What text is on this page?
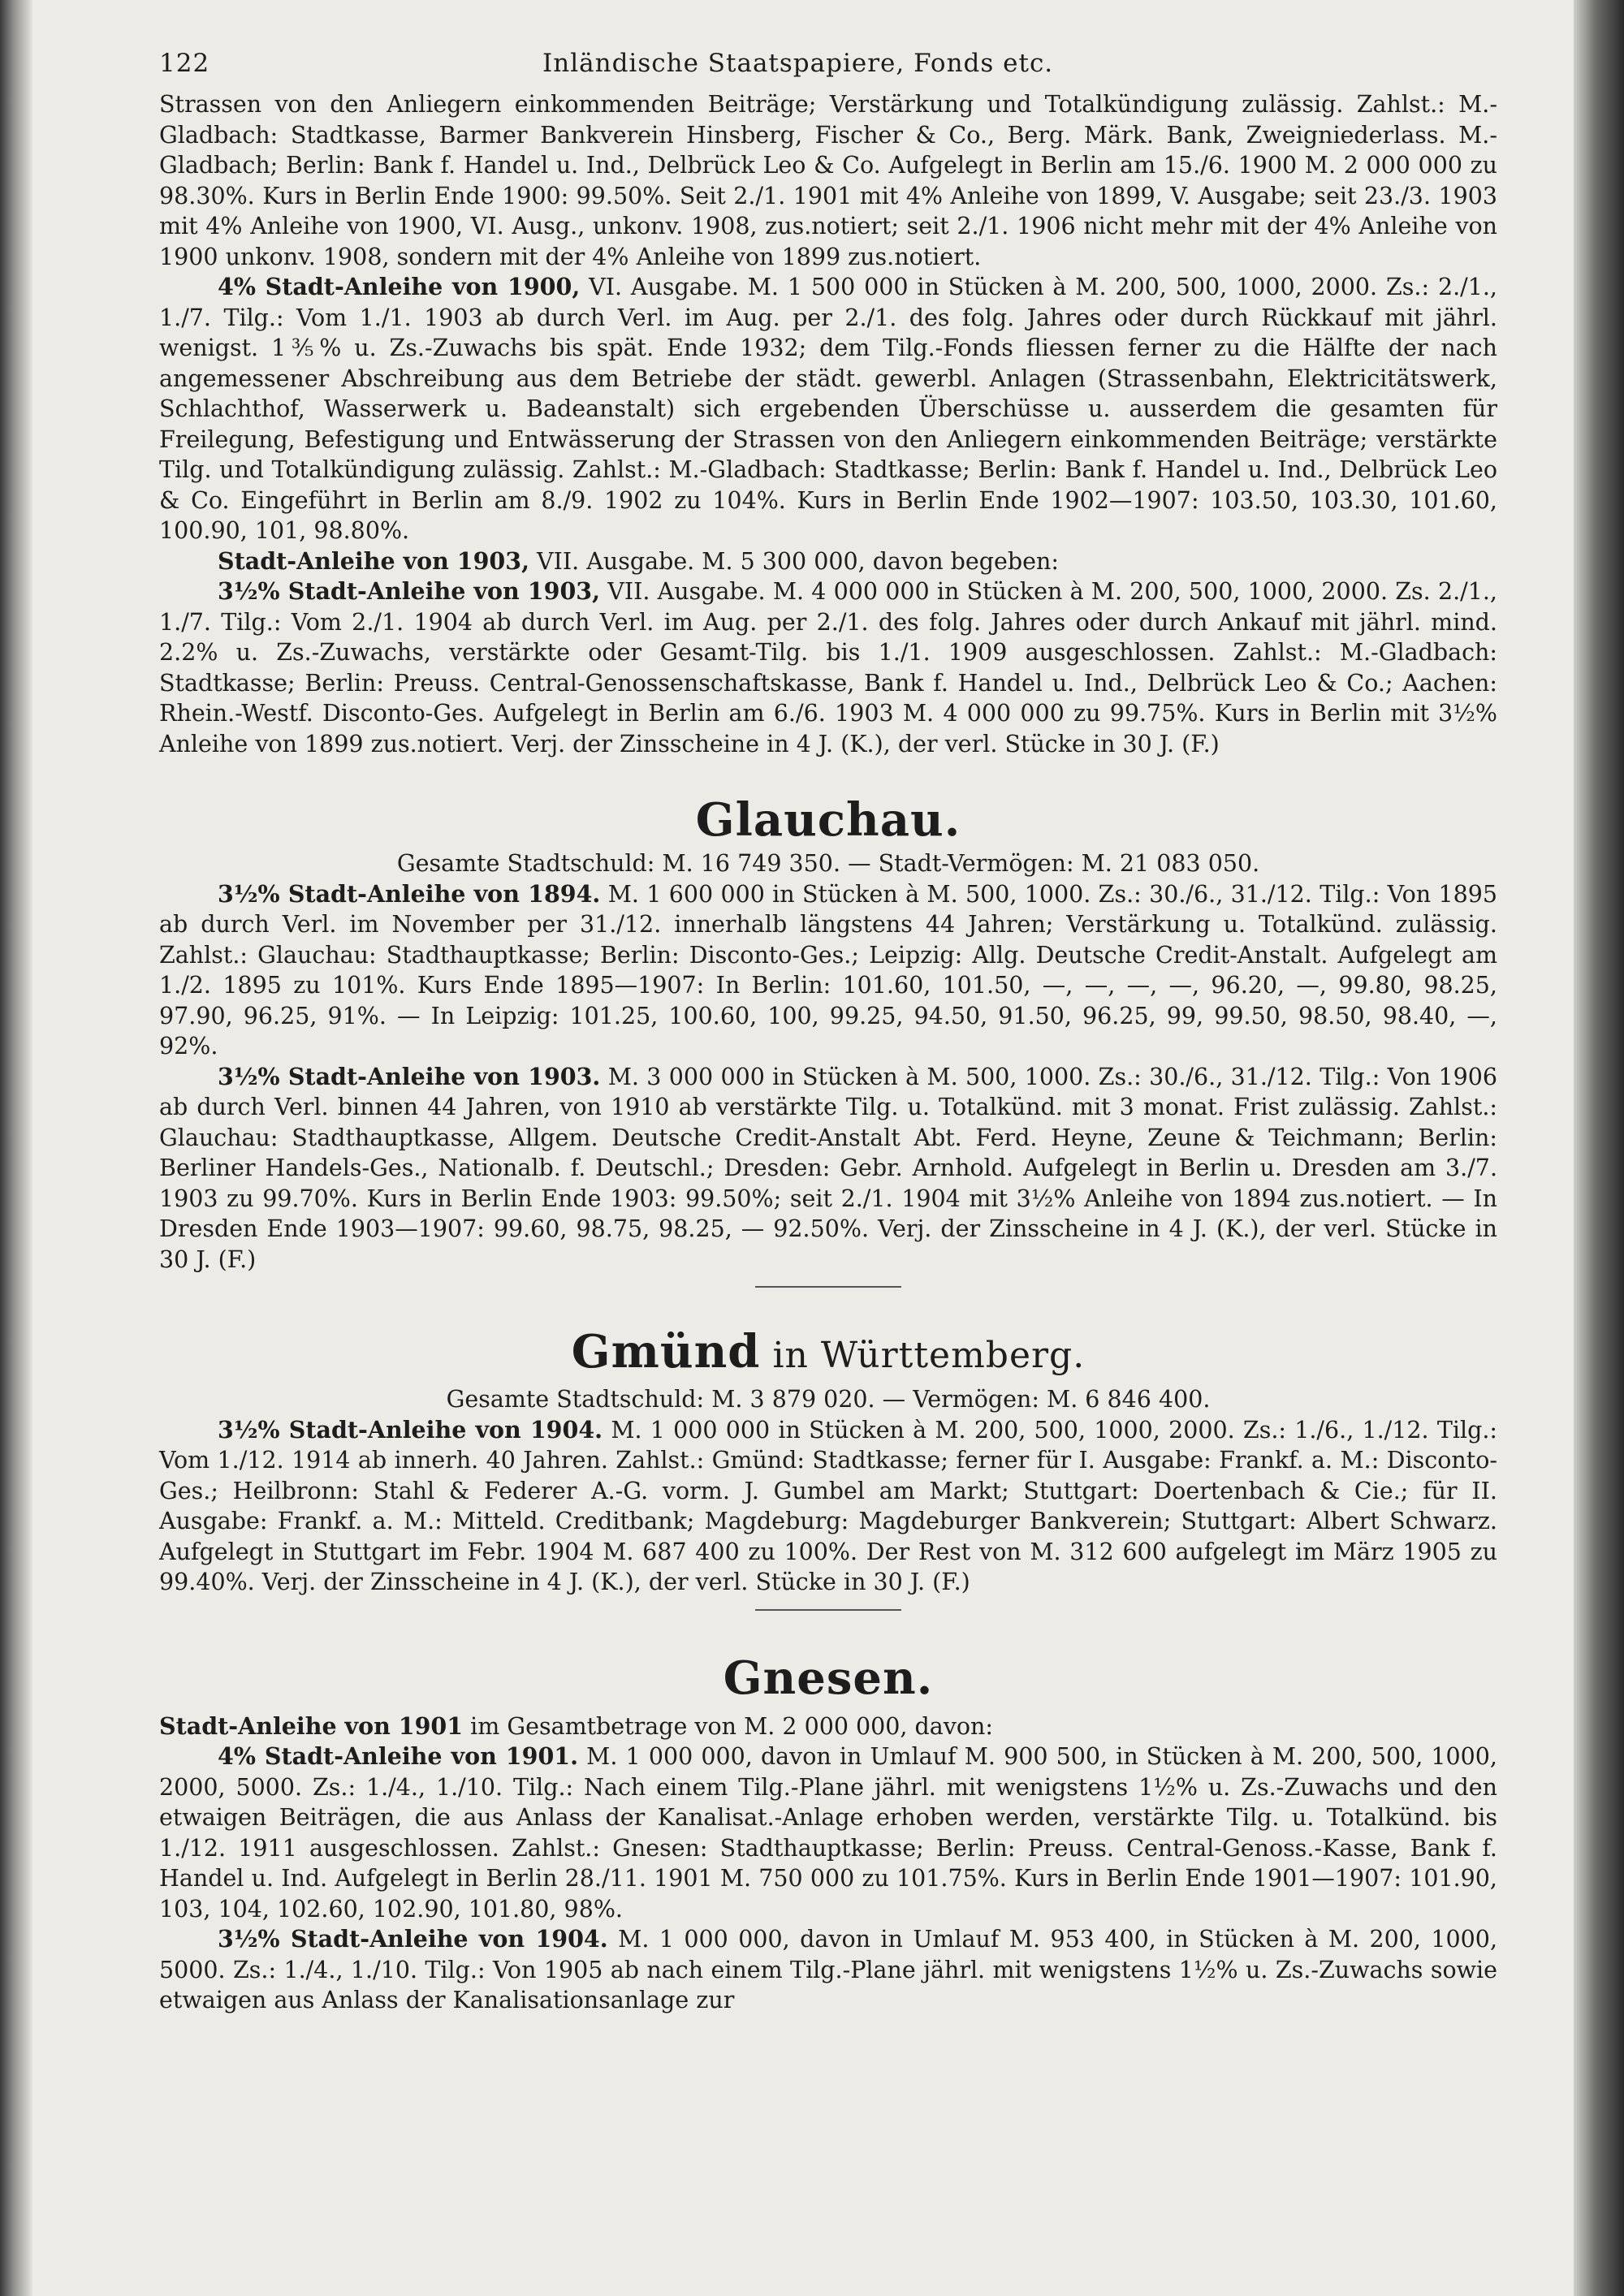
122	Inländische Staatspapiere, Fonds etc.

Strassen von den Anliegern einkommenden Beiträge; Verstärkung und Totalkündigung zulässig. Zahlst.: M.-Gladbach: Stadtkasse, Barmer Bankverein Hinsberg, Fischer & Co., Berg. Märk. Bank, Zweigniederlass. M.-Gladbach; Berlin: Bank f. Handel u. Ind., Delbrück Leo & Co. Aufgelegt in Berlin am 15./6. 1900 M. 2 000 000 zu 98.30%. Kurs in Berlin Ende 1900: 99.50%. Seit 2./1. 1901 mit 4% Anleihe von 1899, V. Ausgabe; seit 23./3. 1903 mit 4% Anleihe von 1900, VI. Ausg., unkonv. 1908, zus.notiert; seit 2./1. 1906 nicht mehr mit der 4% Anleihe von 1900 unkonv. 1908, sondern mit der 4% Anleihe von 1899 zus.notiert.

4% Stadt-Anleihe von 1900, VI. Ausgabe. M. 1 500 000 in Stücken à M. 200, 500, 1000, 2000. Zs.: 2./1., 1./7. Tilg.: Vom 1./1. 1903 ab durch Verl. im Aug. per 2./1. des folg. Jahres oder durch Rückkauf mit jährl. wenigst. 1⅗% u. Zs.-Zuwachs bis spät. Ende 1932; dem Tilg.-Fonds fliessen ferner zu die Hälfte der nach angemessener Abschreibung aus dem Betriebe der städt. gewerbl. Anlagen (Strassenbahn, Elektricitätswerk, Schlachthof, Wasserwerk u. Badeanstalt) sich ergebenden Überschüsse u. ausserdem die gesamten für Freilegung, Befestigung und Entwässerung der Strassen von den Anliegern einkommenden Beiträge; verstärkte Tilg. und Totalkündigung zulässig. Zahlst.: M.-Gladbach: Stadtkasse; Berlin: Bank f. Handel u. Ind., Delbrück Leo & Co. Eingeführt in Berlin am 8./9. 1902 zu 104%. Kurs in Berlin Ende 1902—1907: 103.50, 103.30, 101.60, 100.90, 101, 98.80%.

Stadt-Anleihe von 1903, VII. Ausgabe. M. 5 300 000, davon begeben:

3½% Stadt-Anleihe von 1903, VII. Ausgabe. M. 4 000 000 in Stücken à M. 200, 500, 1000, 2000. Zs. 2./1., 1./7. Tilg.: Vom 2./1. 1904 ab durch Verl. im Aug. per 2./1. des folg. Jahres oder durch Ankauf mit jährl. mind. 2.2% u. Zs.-Zuwachs, verstärkte oder Gesamt-Tilg. bis 1./1. 1909 ausgeschlossen. Zahlst.: M.-Gladbach: Stadtkasse; Berlin: Preuss. Central-Genossenschaftskasse, Bank f. Handel u. Ind., Delbrück Leo & Co.; Aachen: Rhein.-Westf. Disconto-Ges. Aufgelegt in Berlin am 6./6. 1903 M. 4 000 000 zu 99.75%. Kurs in Berlin mit 3½% Anleihe von 1899 zus.notiert. Verj. der Zinsscheine in 4 J. (K.), der verl. Stücke in 30 J. (F.)

Glauchau.
Gesamte Stadtschuld: M. 16 749 350. — Stadt-Vermögen: M. 21 083 050.

3½% Stadt-Anleihe von 1894. M. 1 600 000 in Stücken à M. 500, 1000. Zs.: 30./6., 31./12. Tilg.: Von 1895 ab durch Verl. im November per 31./12. innerhalb längstens 44 Jahren; Verstärkung u. Totalkünd. zulässig. Zahlst.: Glauchau: Stadthauptkasse; Berlin: Disconto-Ges.; Leipzig: Allg. Deutsche Credit-Anstalt. Aufgelegt am 1./2. 1895 zu 101%. Kurs Ende 1895—1907: In Berlin: 101.60, 101.50, —, —, —, —, 96.20, —, 99.80, 98.25, 97.90, 96.25, 91%. — In Leipzig: 101.25, 100.60, 100, 99.25, 94.50, 91.50, 96.25, 99, 99.50, 98.50, 98.40, —, 92%.

3½% Stadt-Anleihe von 1903. M. 3 000 000 in Stücken à M. 500, 1000. Zs.: 30./6., 31./12. Tilg.: Von 1906 ab durch Verl. binnen 44 Jahren, von 1910 ab verstärkte Tilg. u. Totalkünd. mit 3 monat. Frist zulässig. Zahlst.: Glauchau: Stadthauptkasse, Allgem. Deutsche Credit-Anstalt Abt. Ferd. Heyne, Zeune & Teichmann; Berlin: Berliner Handels-Ges., Nationalb. f. Deutschl.; Dresden: Gebr. Arnhold. Aufgelegt in Berlin u. Dresden am 3./7. 1903 zu 99.70%. Kurs in Berlin Ende 1903: 99.50%; seit 2./1. 1904 mit 3½% Anleihe von 1894 zus.notiert. — In Dresden Ende 1903—1907: 99.60, 98.75, 98.25, — 92.50%. Verj. der Zinsscheine in 4 J. (K.), der verl. Stücke in 30 J. (F.)

Gmünd in Württemberg.
Gesamte Stadtschuld: M. 3 879 020. — Vermögen: M. 6 846 400.

3½% Stadt-Anleihe von 1904. M. 1 000 000 in Stücken à M. 200, 500, 1000, 2000. Zs.: 1./6., 1./12. Tilg.: Vom 1./12. 1914 ab innerh. 40 Jahren. Zahlst.: Gmünd: Stadtkasse; ferner für I. Ausgabe: Frankf. a. M.: Disconto-Ges.; Heilbronn: Stahl & Federer A.-G. vorm. J. Gumbel am Markt; Stuttgart: Doertenbach & Cie.; für II. Ausgabe: Frankf. a. M.: Mitteld. Creditbank; Magdeburg: Magdeburger Bankverein; Stuttgart: Albert Schwarz. Aufgelegt in Stuttgart im Febr. 1904 M. 687 400 zu 100%. Der Rest von M. 312 600 aufgelegt im März 1905 zu 99.40%. Verj. der Zinsscheine in 4 J. (K.), der verl. Stücke in 30 J. (F.)

Gnesen.

Stadt-Anleihe von 1901 im Gesamtbetrage von M. 2 000 000, davon:

4% Stadt-Anleihe von 1901. M. 1 000 000, davon in Umlauf M. 900 500, in Stücken à M. 200, 500, 1000, 2000, 5000. Zs.: 1./4., 1./10. Tilg.: Nach einem Tilg.-Plane jährl. mit wenigstens 1½% u. Zs.-Zuwachs und den etwaigen Beiträgen, die aus Anlass der Kanalisat.-Anlage erhoben werden, verstärkte Tilg. u. Totalkünd. bis 1./12. 1911 ausgeschlossen. Zahlst.: Gnesen: Stadthauptkasse; Berlin: Preuss. Central-Genoss.-Kasse, Bank f. Handel u. Ind. Aufgelegt in Berlin 28./11. 1901 M. 750 000 zu 101.75%. Kurs in Berlin Ende 1901—1907: 101.90, 103, 104, 102.60, 102.90, 101.80, 98%.

3½% Stadt-Anleihe von 1904. M. 1 000 000, davon in Umlauf M. 953 400, in Stücken à M. 200, 1000, 5000. Zs.: 1./4., 1./10. Tilg.: Von 1905 ab nach einem Tilg.-Plane jährl. mit wenigstens 1½% u. Zs.-Zuwachs sowie etwaigen aus Anlass der Kanalisationsanlage zur
